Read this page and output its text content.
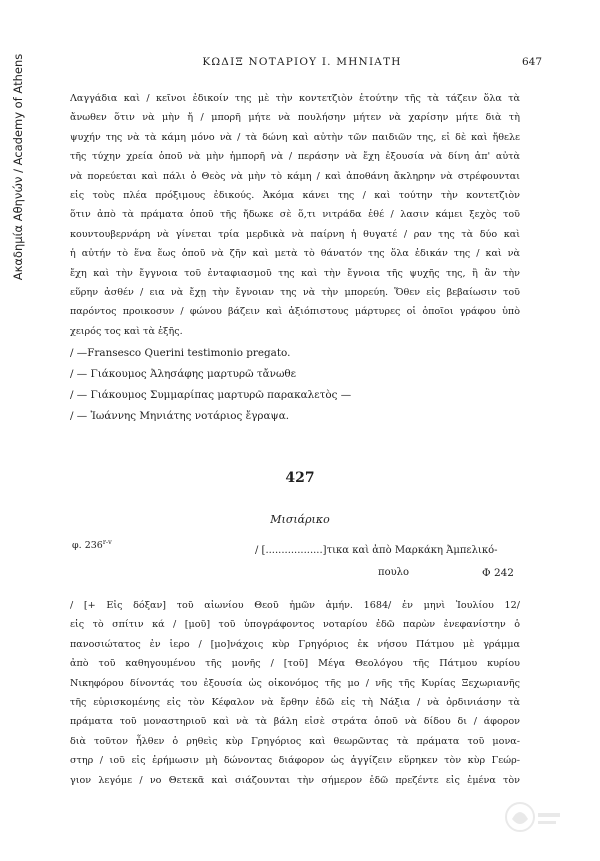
Ακαδημία Αθηνών / Academy of Athens	ΚΩΔΙΞ ΝΟΤΑΡΙΟΥ Ι. ΜΗΝΙΑΤΗ	647
Λαγγάδια καὶ / κεῖνοι ἐδικοίν της μὲ τὴν κοντετζιὸν ἐτούτην τῆς τὰ τάζειν ὅλα τὰ
ἄνωθεν ὅτιν νὰ μὴν ἤ / μπορῆ μήτε νὰ πουλήσην μήτεν νὰ χαρίσην μήτε διὰ τὴ
ψυχήν της νὰ τὰ κάμη μόνο νὰ / τὰ δώνη καὶ αὐτὴν τῶν παιδιῶν της, εἰ δὲ καὶ ἤθελε
τῆς τύχην χρεία ὁποῦ νὰ μὴν ἠμπορῆ νὰ / περάσην νὰ ἔχη ἐξουσία νὰ δίνη ἀπ' αὐτὰ
νὰ πορεύεται καὶ πάλι ὁ Θεὸς νὰ μὴν τὸ κάμη / καὶ ἀποθάνη ἄκληρην νὰ στρέφουνται
εἰς τοὺς πλέα πρόξιμους ἐδικούς. Ἀκόμα κάνει της / καὶ τούτην τὴν κοντετζιὸν
ὅτιν ἀπὸ τὰ πράματα ὁποῦ τῆς ἤδωκε σὲ ὅ,τι νιτράδα ἐθέ / λασιν κάμει ξεχὸς τοῦ
κουντουβερνάρη νὰ γίνεται τρία μερδικὰ νὰ παίρνη ἡ θυγατέ / ραν της τὰ δύο καὶ
ἡ αὐτήν τὸ ἕνα ἕως ὁποῦ νὰ ζῆν καὶ μετὰ τὸ θάνατόν της ὅλα ἐδικάν της / καὶ νὰ
ἔχη καὶ τὴν ἔγγνοια τοῦ ἐνταφιασμοῦ της καὶ τὴν ἔγνοια τῆς ψυχῆς της, ἢ ἂν τὴν
εὕρην ἀσθέν / εια νὰ ἔχῃ τὴν ἔγνοιαν της νὰ τὴν μπορεύη. Ὅθεν εἰς βεβαίωσιν τοῦ
παρόντος προικοσυν / φώνου βάζειν καὶ ἀξιόπιστους μάρτυρες οἱ ὁποῖοι γράφου ὑπὸ
χειρός τος καὶ τὰ ἑξῆς.
/ —Fransesco Querini testimonio pregato.
/ — Γιάκουμος Ἀλησάφης μαρτυρῶ τἄνωθε
/ — Γιάκουμος Συμμαρίπας μαρτυρῶ παρακαλετὸς —
/ — Ἰωάννης Μηνιάτης νοτάριος ἔγραψα.
427
Μισιάρικο
φ. 236$^{r-v}$
/ [..................]τικα καὶ ἀπὸ Μαρκάκη Ἀμπελικό-
πουλο	Φ 242
/ [+ Εἰς δόξαν] τοῦ αἰωνίου Θεοῦ ἡμῶν ἀμήν. 1684/ ἐν μηνὶ Ἰουλίου 12/
εἰς τὸ σπίτιν κά / [μοῦ] τοῦ ὑπογράφοντος νοταρίου ἐδῶ παρὼν ἐνεφανίστην ὁ
πανοσιώτατος ἐν ἱερο / [μο]νάχοις κὺρ Γρηγόριος ἐκ νήσου Πάτμου μὲ γράμμα
ἀπὸ τοῦ καθηγουμένου τῆς μονῆς / [τοῦ] Μέγα Θεολόγου τῆς Πάτμου κυρίου
Νικηφόρου δίνοντάς του ἐξουσία ὡς οἰκονόμος τῆς μο / νῆς τῆς Κυρίας Ξεχωριανῆς
τῆς εὑρισκομένης εἰς τὸν Κέφαλον νὰ ἔρθην ἐδῶ εἰς τὴ Νάξια / νὰ ὀρδινιάσην τὰ
πράματα τοῦ μοναστηριοῦ καὶ νὰ τὰ βάλη εἰσὲ στράτα ὁποῦ νὰ δίδου δι / άφορον
διὰ τοῦτον ἦλθεν ὁ ρηθεὶς κὺρ Γρηγόριος καὶ θεωρῶντας τὰ πράματα τοῦ μονα-
στηρ / ιοῦ εἰς ἐρήμωσιν μὴ δώνοντας διάφορον ὡς ἀγγίζειν εὕρηκεν τὸν κὺρ Γεώρ-
γιον λεγόμε / νο Θετεκᾶ καὶ σιάζουνται τὴν σήμερον ἐδῶ πρεζέντε εἰς ἐμένα τὸν
